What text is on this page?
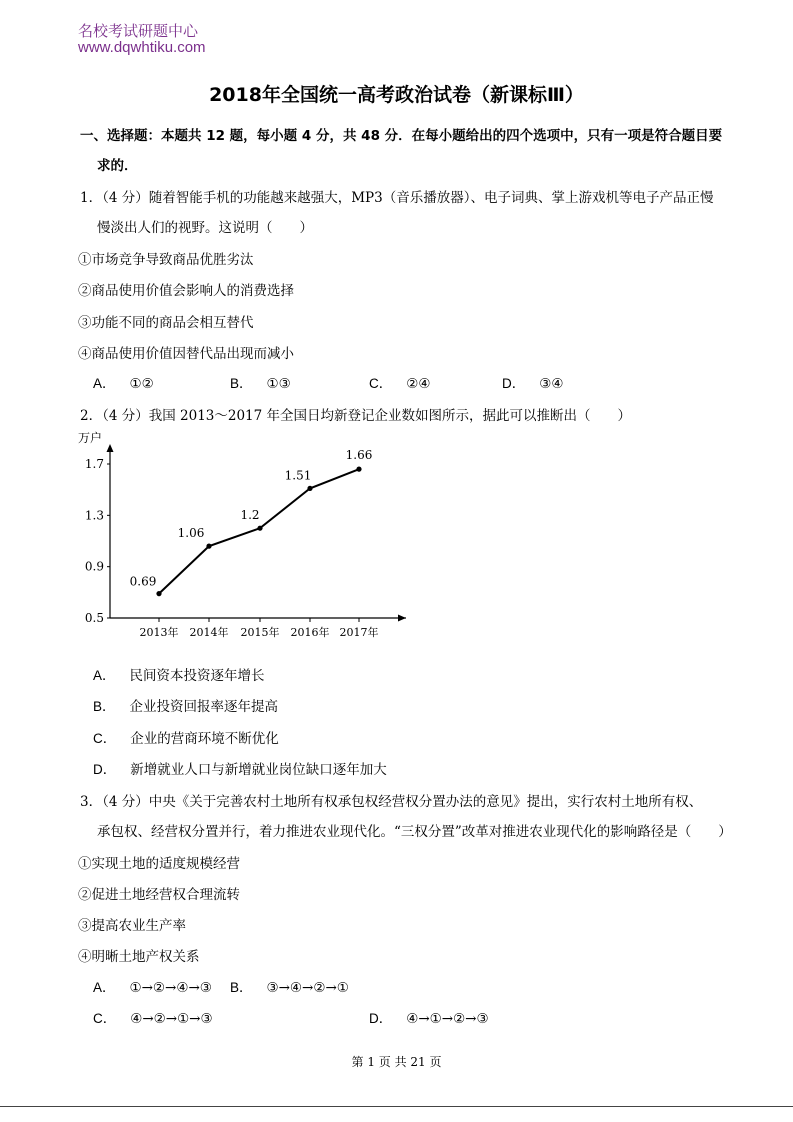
名校考试研题中心
www.dqwhtiku.com
2018年全国统一高考政治试卷（新课标Ⅲ）
一、选择题：本题共 12 题，每小题 4 分，共 48 分．在每小题给出的四个选项中，只有一项是符合题目要
求的．
1．（4 分）随着智能手机的功能越来越强大，MP3（音乐播放器）、电子词典、掌上游戏机等电子产品正慢
慢淡出人们的视野。这说明（　　）
①市场竞争导致商品优胜劣汰
②商品使用价值会影响人的消费选择
③功能不同的商品会相互替代
④商品使用价值因替代品出现而减小
A． ①②	B． ①③	C． ②④	D． ③④
2．（4 分）我国 2013～2017 年全国日均新登记企业数如图所示，据此可以推断出（　　）
万户
0.5
0.9
1.3
1.7
2013年 2014年 2015年 2016年 2017年
0.69
1.06
1.2
1.51
1.66
A． 民间资本投资逐年增长
B． 企业投资回报率逐年提高
C． 企业的营商环境不断优化
D． 新增就业人口与新增就业岗位缺口逐年加大
3．（4 分）中央《关于完善农村土地所有权承包权经营权分置办法的意见》提出，实行农村土地所有权、
承包权、经营权分置并行，着力推进农业现代化。“三权分置”改革对推进农业现代化的影响路径是（　　）
①实现土地的适度规模经营
②促进土地经营权合理流转
③提高农业生产率
④明晰土地产权关系
A． ①→②→④→③ B． ③→④→②→①
C． ④→②→①→③	D． ④→①→②→③
第 1 页 共 21 页
